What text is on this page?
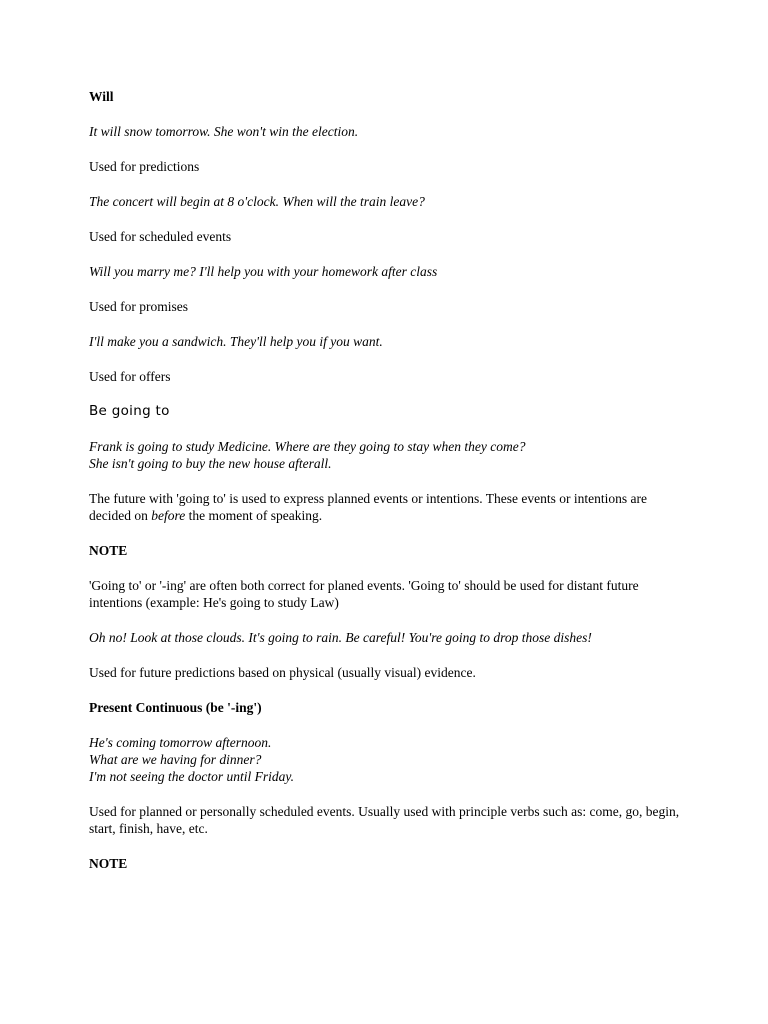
Will
It will snow tomorrow. She won't win the election.
Used for predictions
The concert will begin at 8 o'clock. When will the train leave?
Used for scheduled events
Will you marry me? I'll help you with your homework after class
Used for promises
I'll make you a sandwich. They'll help you if you want.
Used for offers
Be going to
Frank is going to study Medicine. Where are they going to stay when they come?
She isn't going to buy the new house afterall.
The future with 'going to' is used to express planned events or intentions. These events or intentions are decided on before the moment of speaking.
NOTE
'Going to' or '-ing' are often both correct for planed events. 'Going to' should be used for distant future intentions (example: He's going to study Law)
Oh no! Look at those clouds. It's going to rain. Be careful! You're going to drop those dishes!
Used for future predictions based on physical (usually visual) evidence.
Present Continuous (be '-ing')
He's coming tomorrow afternoon.
What are we having for dinner?
I'm not seeing the doctor until Friday.
Used for planned or personally scheduled events. Usually used with principle verbs such as: come, go, begin, start, finish, have, etc.
NOTE
